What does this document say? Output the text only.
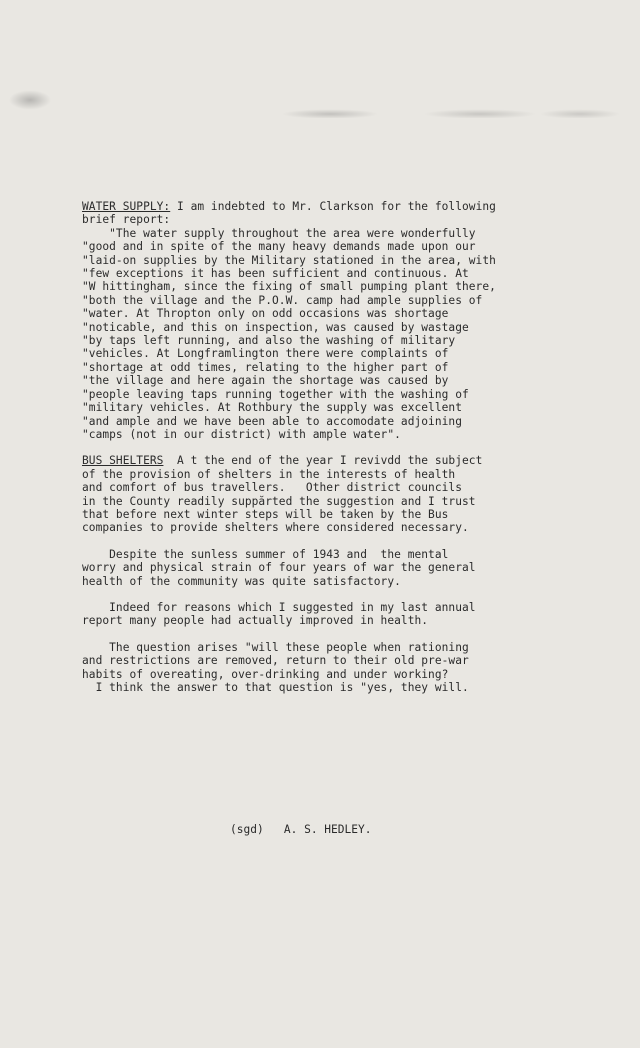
WATER SUPPLY: I am indebted to Mr. Clarkson for the following
brief report:
"The water supply throughout the area were wonderfully
"good and in spite of the many heavy demands made upon our
"laid-on supplies by the Military stationed in the area, with
"few exceptions it has been sufficient and continuous. At
"W hittingham, since the fixing of small pumping plant there,
"both the village and the P.O.W. camp had ample supplies of
"water. At Thropton only on odd occasions was shortage
"noticable, and this on inspection, was caused by wastage
"by taps left running, and also the washing of military
"vehicles. At Longframlington there were complaints of
"shortage at odd times, relating to the higher part of
"the village and here again the shortage was caused by
"people leaving taps running together with the washing of
"military vehicles. At Rothbury the supply was excellent
"and ample and we have been able to accomodate adjoining
"camps (not in our district) with ample water".
BUS SHELTERS  A t the end of the year I revivdd the subject
of the provision of shelters in the interests of health
and comfort of bus travellers.   Other district councils
in the County readily suppărted the suggestion and I trust
that before next winter steps will be taken by the Bus
companies to provide shelters where considered necessary.
Despite the sunless summer of 1943 and  the mental
worry and physical strain of four years of war the general
health of the community was quite satisfactory.
Indeed for reasons which I suggested in my last annual
report many people had actually improved in health.
The question arises "will these people when rationing
and restrictions are removed, return to their old pre-war
habits of overeating, over-drinking and under working?
I think the answer to that question is "yes, they will.
(sgd)   A. S. HEDLEY.
